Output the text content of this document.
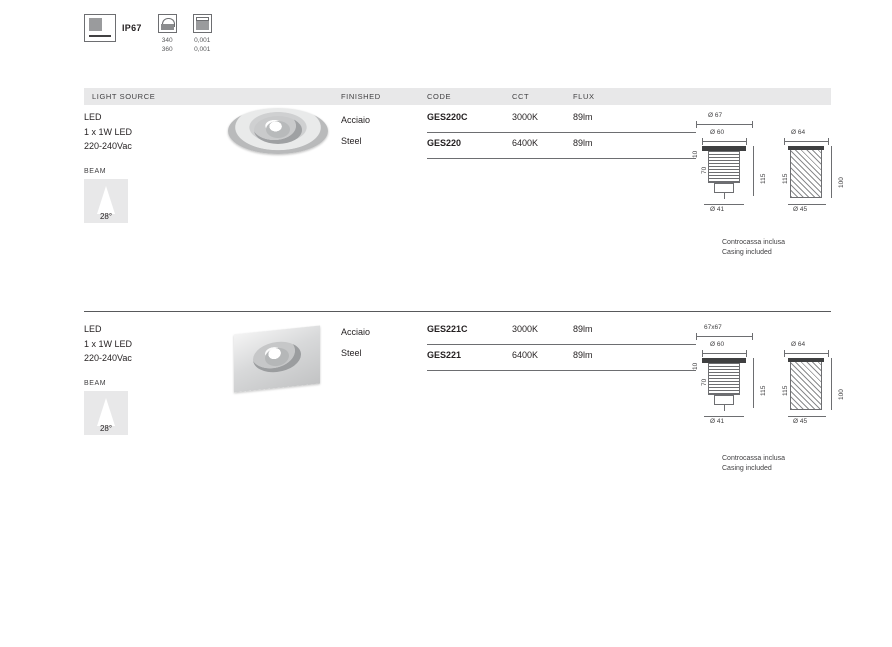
IP67
340
360
0,001
0,001
LIGHT SOURCE	FINISHED	CODE	CCT	FLUX
LED
1 x 1W LED
220-240Vac
BEAM
28°
Acciaio
Steel
GES220C	3000K	89lm
GES220	6400K	89lm
Ø 67
Ø 60
10
70
115
Ø 41
Ø 64
115	100
Ø 45
Controcassa inclusa
Casing included
LED
1 x 1W LED
220-240Vac
BEAM
28°
Acciaio
Steel
GES221C	3000K	89lm
GES221	6400K	89lm
67x67
Ø 60
10
70
115
Ø 41
Ø 64
115	100
Ø 45
Controcassa inclusa
Casing included
